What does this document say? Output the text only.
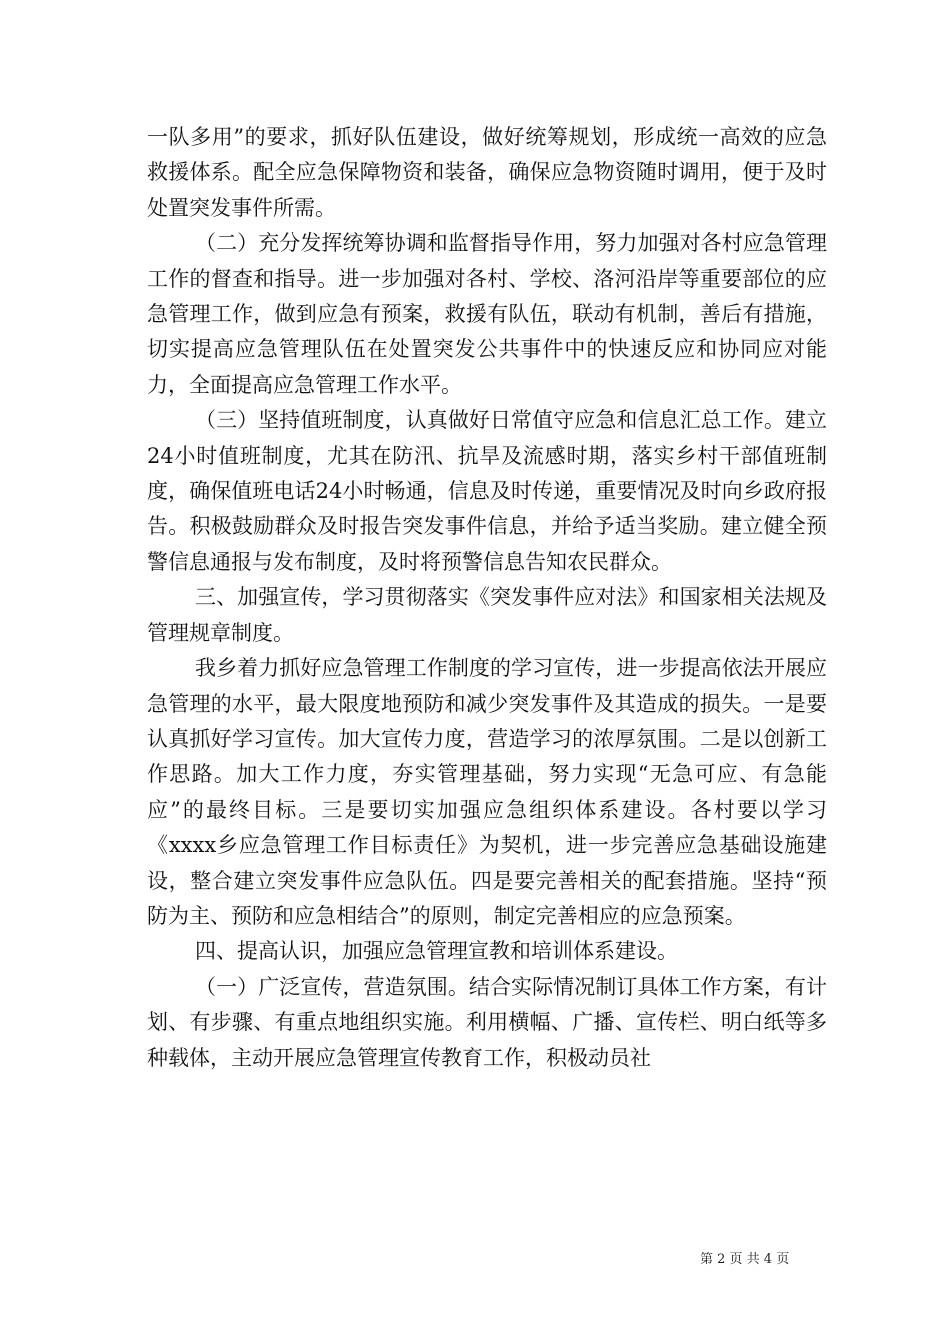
一队多用”的要求，抓好队伍建设，做好统筹规划，形成统一高效的应急救援体系。配全应急保障物资和装备，确保应急物资随时调用，便于及时处置突发事件所需。

（二）充分发挥统筹协调和监督指导作用，努力加强对各村应急管理工作的督查和指导。进一步加强对各村、学校、洛河沿岸等重要部位的应急管理工作，做到应急有预案，救援有队伍，联动有机制，善后有措施，切实提高应急管理队伍在处置突发公共事件中的快速反应和协同应对能力，全面提高应急管理工作水平。

（三）坚持值班制度，认真做好日常值守应急和信息汇总工作。建立24小时值班制度，尤其在防汛、抗旱及流感时期，落实乡村干部值班制度，确保值班电话24小时畅通，信息及时传递，重要情况及时向乡政府报告。积极鼓励群众及时报告突发事件信息，并给予适当奖励。建立健全预警信息通报与发布制度，及时将预警信息告知农民群众。

三、加强宣传，学习贯彻落实《突发事件应对法》和国家相关法规及管理规章制度。

我乡着力抓好应急管理工作制度的学习宣传，进一步提高依法开展应急管理的水平，最大限度地预防和减少突发事件及其造成的损失。一是要认真抓好学习宣传。加大宣传力度，营造学习的浓厚氛围。二是以创新工作思路。加大工作力度，夯实管理基础，努力实现“无急可应、有急能应”的最终目标。三是要切实加强应急组织体系建设。各村要以学习《xxxx乡应急管理工作目标责任》为契机，进一步完善应急基础设施建设，整合建立突发事件应急队伍。四是要完善相关的配套措施。坚持“预防为主、预防和应急相结合”的原则，制定完善相应的应急预案。

四、提高认识，加强应急管理宣教和培训体系建设。

（一）广泛宣传，营造氛围。结合实际情况制订具体工作方案，有计划、有步骤、有重点地组织实施。利用横幅、广播、宣传栏、明白纸等多种载体，主动开展应急管理宣传教育工作，积极动员社

第 2 页 共 4 页
